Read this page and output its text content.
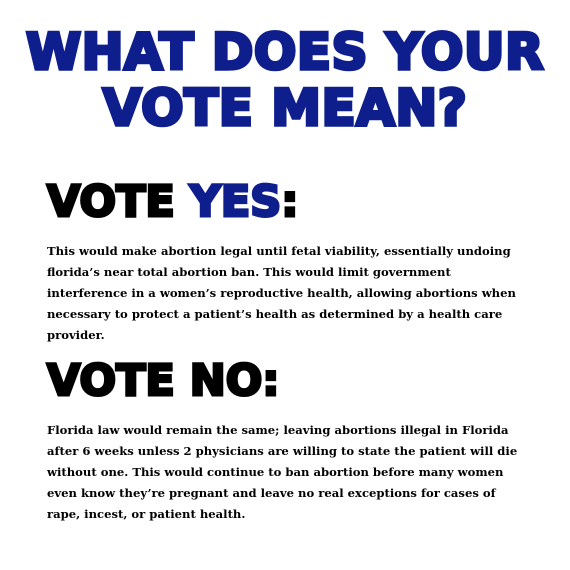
WHAT DOES YOUR
VOTE MEAN?
VOTE YES:

This would make abortion legal until fetal viability, essentially undoing florida’s near total abortion ban. This would limit government interference in a women’s reproductive health, allowing abortions when necessary to protect a patient’s health as determined by a health care provider.

VOTE NO:

Florida law would remain the same; leaving abortions illegal in Florida after 6 weeks unless 2 physicians are willing to state the patient will die without one. This would continue to ban abortion before many women even know they’re pregnant and leave no real exceptions for cases of rape, incest, or patient health.
